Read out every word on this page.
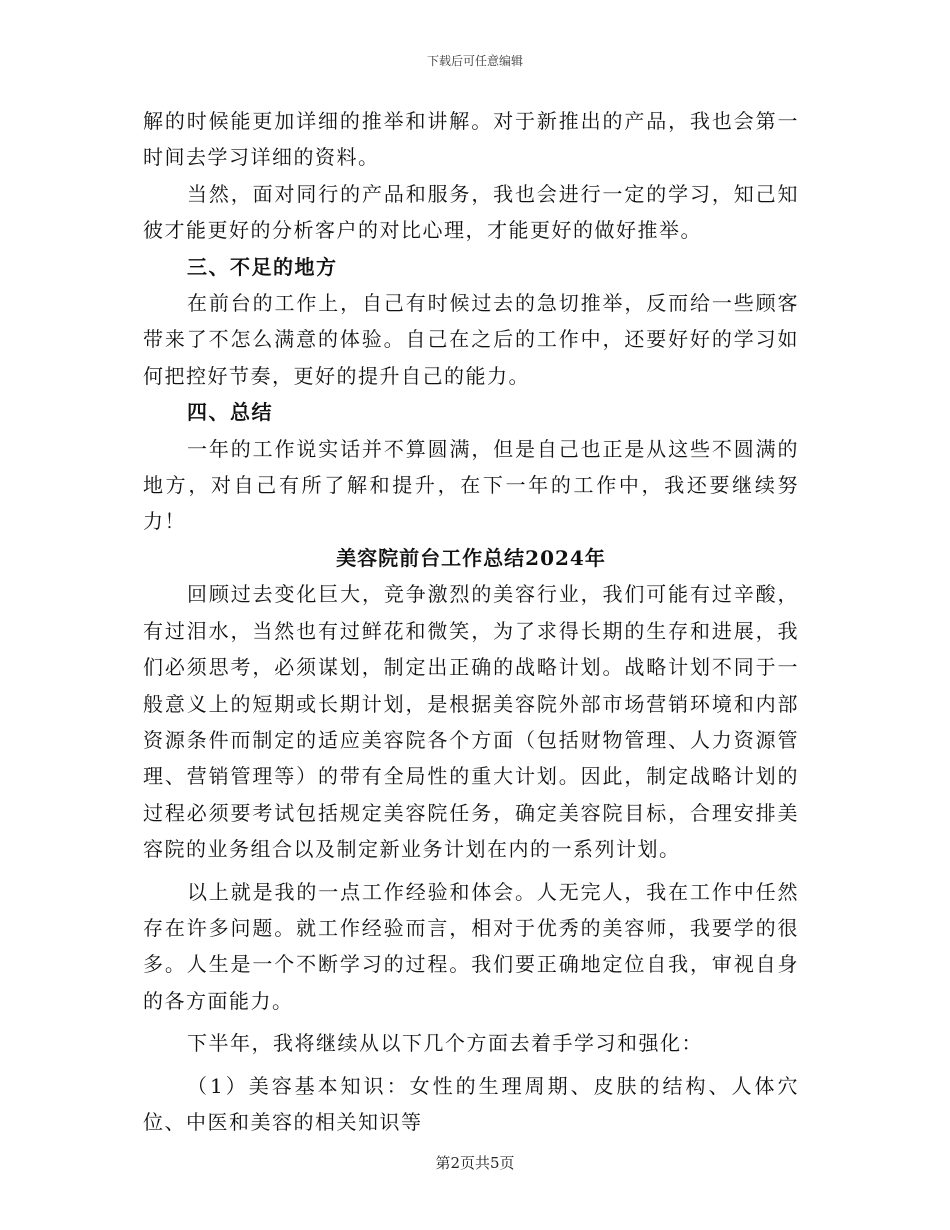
下载后可任意编辑

解的时候能更加详细的推举和讲解。对于新推出的产品，我也会第一时间去学习详细的资料。

当然，面对同行的产品和服务，我也会进行一定的学习，知己知彼才能更好的分析客户的对比心理，才能更好的做好推举。

三、不足的地方

在前台的工作上，自己有时候过去的急切推举，反而给一些顾客带来了不怎么满意的体验。自己在之后的工作中，还要好好的学习如何把控好节奏，更好的提升自己的能力。

四、总结

一年的工作说实话并不算圆满，但是自己也正是从这些不圆满的地方，对自己有所了解和提升，在下一年的工作中，我还要继续努力！

美容院前台工作总结2024年

回顾过去变化巨大，竞争激烈的美容行业，我们可能有过辛酸，有过泪水，当然也有过鲜花和微笑，为了求得长期的生存和进展，我们必须思考，必须谋划，制定出正确的战略计划。战略计划不同于一般意义上的短期或长期计划，是根据美容院外部市场营销环境和内部资源条件而制定的适应美容院各个方面（包括财物管理、人力资源管理、营销管理等）的带有全局性的重大计划。因此，制定战略计划的过程必须要考试包括规定美容院任务，确定美容院目标，合理安排美容院的业务组合以及制定新业务计划在内的一系列计划。

以上就是我的一点工作经验和体会。人无完人，我在工作中任然存在许多问题。就工作经验而言，相对于优秀的美容师，我要学的很多。人生是一个不断学习的过程。我们要正确地定位自我，审视自身的各方面能力。

下半年，我将继续从以下几个方面去着手学习和强化：

（1）美容基本知识：女性的生理周期、皮肤的结构、人体穴位、中医和美容的相关知识等

第2页共5页
